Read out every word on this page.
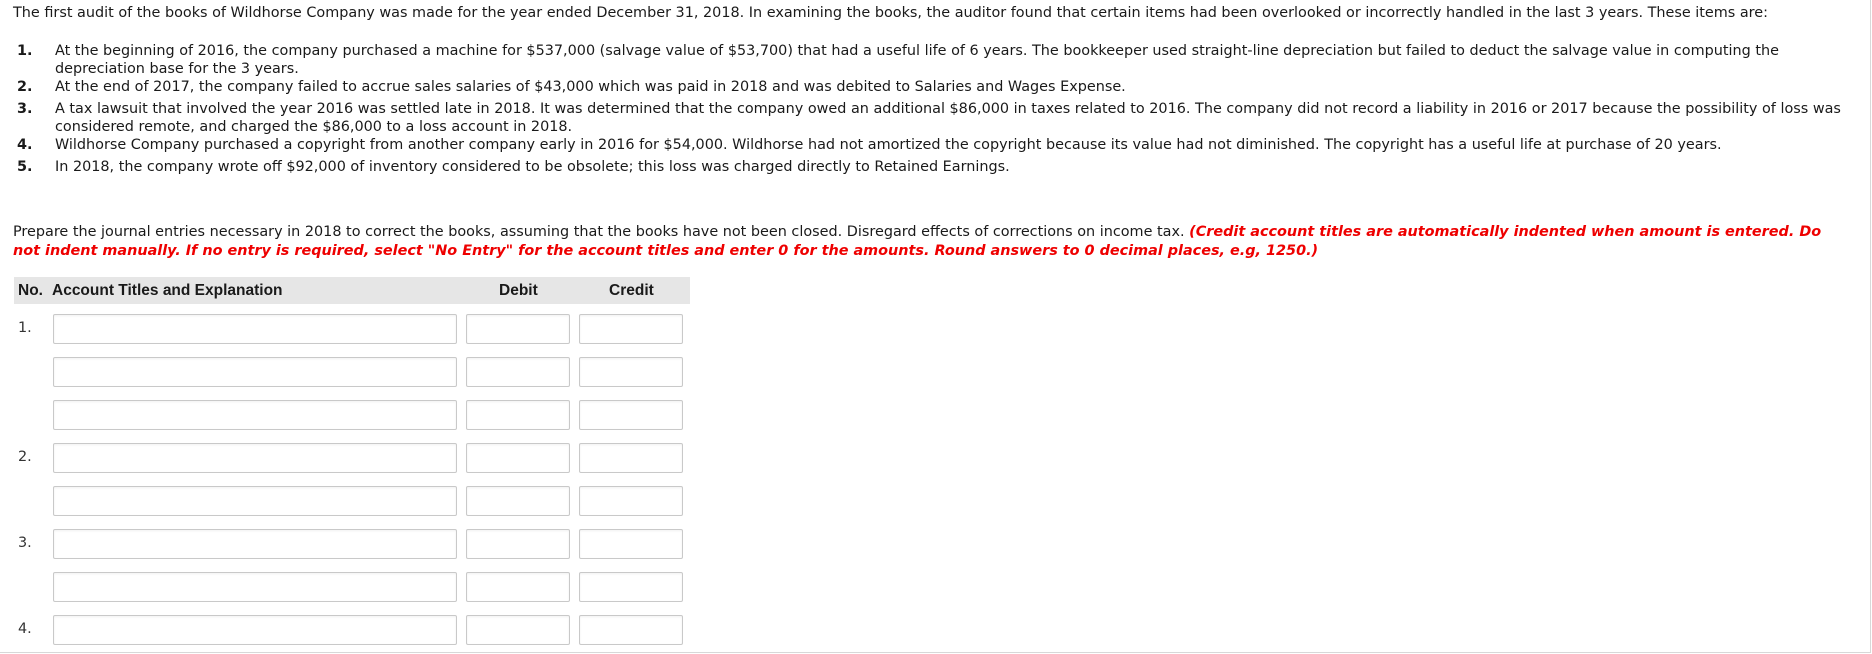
The first audit of the books of Wildhorse Company was made for the year ended December 31, 2018. In examining the books, the auditor found that certain items had been overlooked or incorrectly handled in the last 3 years. These items are:
1. At the beginning of 2016, the company purchased a machine for $537,000 (salvage value of $53,700) that had a useful life of 6 years. The bookkeeper used straight-line depreciation but failed to deduct the salvage value in computing the depreciation base for the 3 years.
2. At the end of 2017, the company failed to accrue sales salaries of $43,000 which was paid in 2018 and was debited to Salaries and Wages Expense.
3. A tax lawsuit that involved the year 2016 was settled late in 2018. It was determined that the company owed an additional $86,000 in taxes related to 2016. The company did not record a liability in 2016 or 2017 because the possibility of loss was considered remote, and charged the $86,000 to a loss account in 2018.
4. Wildhorse Company purchased a copyright from another company early in 2016 for $54,000. Wildhorse had not amortized the copyright because its value had not diminished. The copyright has a useful life at purchase of 20 years.
5. In 2018, the company wrote off $92,000 of inventory considered to be obsolete; this loss was charged directly to Retained Earnings.
Prepare the journal entries necessary in 2018 to correct the books, assuming that the books have not been closed. Disregard effects of corrections on income tax. (Credit account titles are automatically indented when amount is entered. Do not indent manually. If no entry is required, select "No Entry" for the account titles and enter 0 for the amounts. Round answers to 0 decimal places, e.g, 1250.)
No. Account Titles and Explanation	Debit	Credit
1.
2.
3.
4.
